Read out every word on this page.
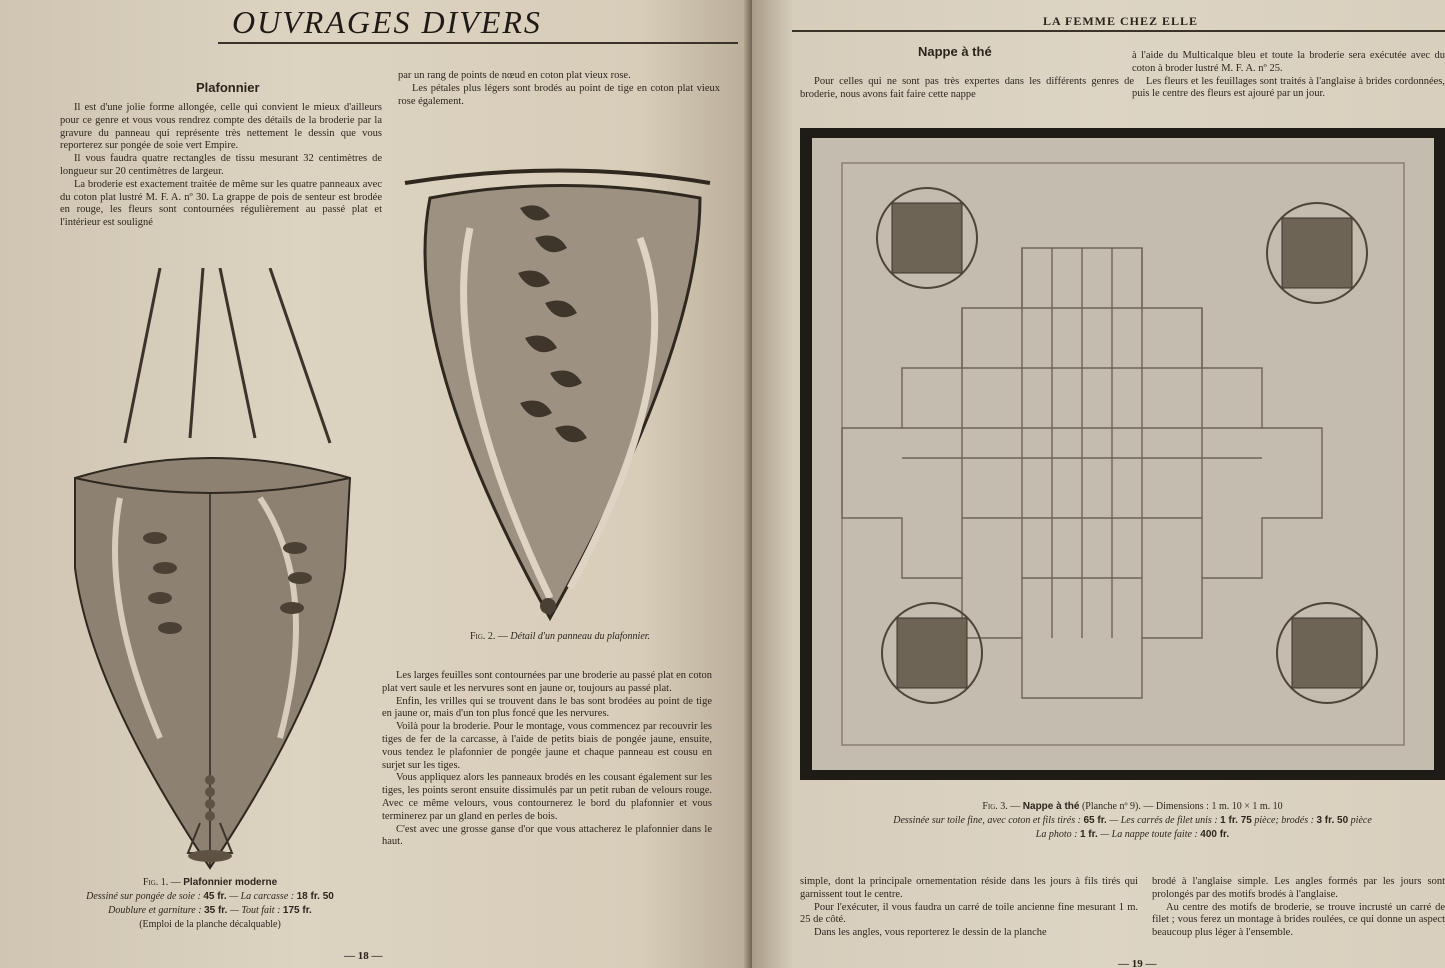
OUVRAGES DIVERS
Plafonnier

Il est d'une jolie forme allongée, celle qui convient le mieux d'ailleurs pour ce genre et vous vous rendrez compte des détails de la broderie par la gravure du panneau qui représente très nettement le dessin que vous reporterez sur pongée de soie vert Empire.

Il vous faudra quatre rectangles de tissu mesurant 32 centimètres de longueur sur 20 centimètres de largeur.

La broderie est exactement traitée de même sur les quatre panneaux avec du coton plat lustré M. F. A. nº 30. La grappe de pois de senteur est brodée en rouge, les fleurs sont contournées régulièrement au passé plat et l'intérieur est souligné

par un rang de points de nœud en coton plat vieux rose.

Les pétales plus légers sont brodés au point de tige en coton plat vieux rose également.

Fig. 2. — Détail d'un panneau du plafonnier.

Les larges feuilles sont contournées par une broderie au passé plat en coton plat vert saule et les nervures sont en jaune or, toujours au passé plat.

Enfin, les vrilles qui se trouvent dans le bas sont brodées au point de tige en jaune or, mais d'un ton plus foncé que les nervures.

Voilà pour la broderie. Pour le montage, vous commencez par recouvrir les tiges de fer de la carcasse, à l'aide de petits biais de pongée jaune, ensuite, vous tendez le plafonnier de pongée jaune et chaque panneau est cousu en surjet sur les tiges.

Vous appliquez alors les panneaux brodés en les cousant également sur les tiges, les points seront ensuite dissimulés par un petit ruban de velours rouge. Avec ce même velours, vous contournerez le bord du plafonnier et vous terminerez par un gland en perles de bois.

C'est avec une grosse ganse d'or que vous attacherez le plafonnier dans le haut.

Fig. 1. — Plafonnier moderne
Dessiné sur pongée de soie : 45 fr. — La carcasse : 18 fr. 50
Doublure et garniture : 35 fr. — Tout fait : 175 fr.
(Emploi de la planche décalquable)
— 18 —
LA FEMME CHEZ ELLE
Nappe à thé

Pour celles qui ne sont pas très expertes dans les différents genres de broderie, nous avons fait faire cette nappe

à l'aide du Multicalque bleu et toute la broderie sera exécutée avec du coton à broder lustré M. F. A. nº 25.

Les fleurs et les feuillages sont traités à l'anglaise à brides cordonnées, puis le centre des fleurs est ajouré par un jour.

Fig. 3. — Nappe à thé (Planche nº 9). — Dimensions : 1 m. 10 × 1 m. 10
Dessinée sur toile fine, avec coton et fils tirés : 65 fr. — Les carrés de filet unis : 1 fr. 75 pièce; brodés : 3 fr. 50 pièce
La photo : 1 fr. — La nappe toute faite : 400 fr.

simple, dont la principale ornementation réside dans les jours à fils tirés qui garnissent tout le centre.

Pour l'exécuter, il vous faudra un carré de toile ancienne fine mesurant 1 m. 25 de côté.

Dans les angles, vous reporterez le dessin de la planche

brodé à l'anglaise simple. Les angles formés par les jours sont prolongés par des motifs brodés à l'anglaise.

Au centre des motifs de broderie, se trouve incrusté un carré de filet ; vous ferez un montage à brides roulées, ce qui donne un aspect beaucoup plus léger à l'ensemble.

— 19 —
